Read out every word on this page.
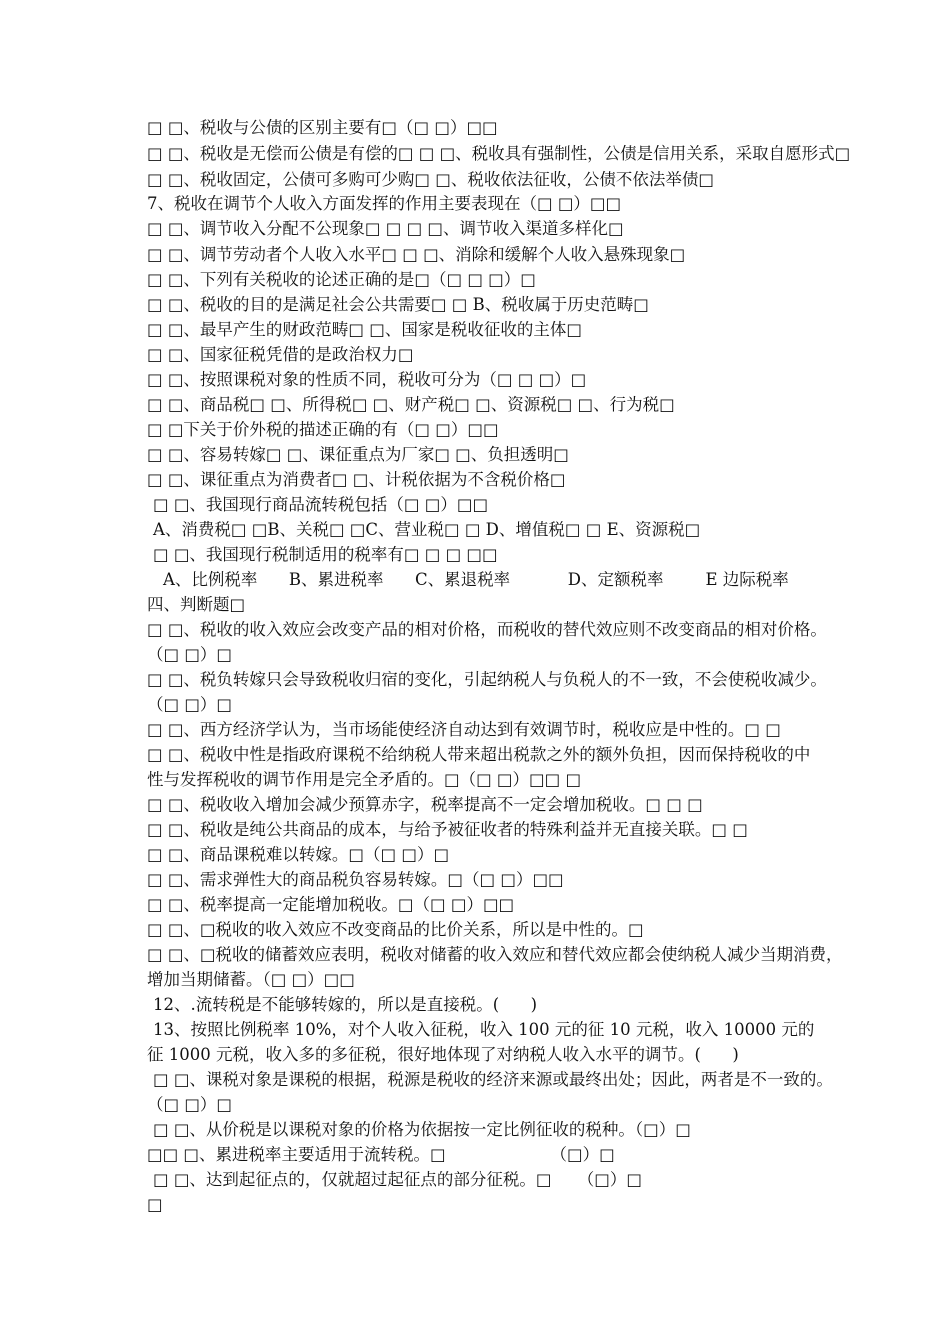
□ □、税收与公债的区别主要有□（□ □）□□
□ □、税收是无偿而公债是有偿的□ □ □、税收具有强制性，公债是信用关系，采取自愿形式□
□ □、税收固定，公债可多购可少购□ □、税收依法征收，公债不依法举债□
7、税收在调节个人收入方面发挥的作用主要表现在（□ □）□□
□ □、调节收入分配不公现象□ □ □ □、调节收入渠道多样化□
□ □、调节劳动者个人收入水平□ □ □、消除和缓解个人收入悬殊现象□
□ □、下列有关税收的论述正确的是□（□ □ □）□
□ □、税收的目的是满足社会公共需要□ □ B、税收属于历史范畴□
□ □、最早产生的财政范畴□ □、国家是税收征收的主体□
□ □、国家征税凭借的是政治权力□
□ □、按照课税对象的性质不同，税收可分为（□ □ □）□
□ □、商品税□ □、所得税□ □、财产税□ □、资源税□ □、行为税□
□ □下关于价外税的描述正确的有（□ □）□□
□ □、容易转嫁□ □、课征重点为厂家□ □、负担透明□
□ □、课征重点为消费者□ □、计税依据为不含税价格□
□ □、我国现行商品流转税包括（□ □）□□
A、消费税□ □B、关税□ □C、营业税□ □ D、增值税□ □ E、资源税□
□ □、我国现行税制适用的税率有□ □ □ □□
A、比例税率      B、累进税率      C、累退税率           D、定额税率        E 边际税率
四、判断题□
□ □、税收的收入效应会改变产品的相对价格，而税收的替代效应则不改变商品的相对价格。
（□ □）□
□ □、税负转嫁只会导致税收归宿的变化，引起纳税人与负税人的不一致，不会使税收减少。
（□ □）□
□ □、西方经济学认为，当市场能使经济自动达到有效调节时，税收应是中性的。□ □
□ □、税收中性是指政府课税不给纳税人带来超出税款之外的额外负担，因而保持税收的中
性与发挥税收的调节作用是完全矛盾的。□（□ □）□□ □
□ □、税收收入增加会减少预算赤字，税率提高不一定会增加税收。□ □ □
□ □、税收是纯公共商品的成本，与给予被征收者的特殊利益并无直接关联。□ □
□ □、商品课税难以转嫁。□（□ □）□
□ □、需求弹性大的商品税负容易转嫁。□（□ □）□□
□ □、税率提高一定能增加税收。□（□ □）□□
□ □、□税收的收入效应不改变商品的比价关系，所以是中性的。□
□ □、□税收的储蓄效应表明，税收对储蓄的收入效应和替代效应都会使纳税人减少当期消费，
增加当期储蓄。（□ □）□□
12、.流转税是不能够转嫁的，所以是直接税。(      )
13、按照比例税率 10%，对个人收入征税，收入 100 元的征 10 元税，收入 10000 元的
征 1000 元税，收入多的多征税，很好地体现了对纳税人收入水平的调节。(      )
□ □、课税对象是课税的根据，税源是税收的经济来源或最终出处；因此，两者是不一致的。
（□ □）□
□ □、从价税是以课税对象的价格为依据按一定比例征收的税种。（□）□
□□ □、累进税率主要适用于流转税。□                    （□）□
□ □、达到起征点的，仅就超过起征点的部分征税。□     （□）□
□
